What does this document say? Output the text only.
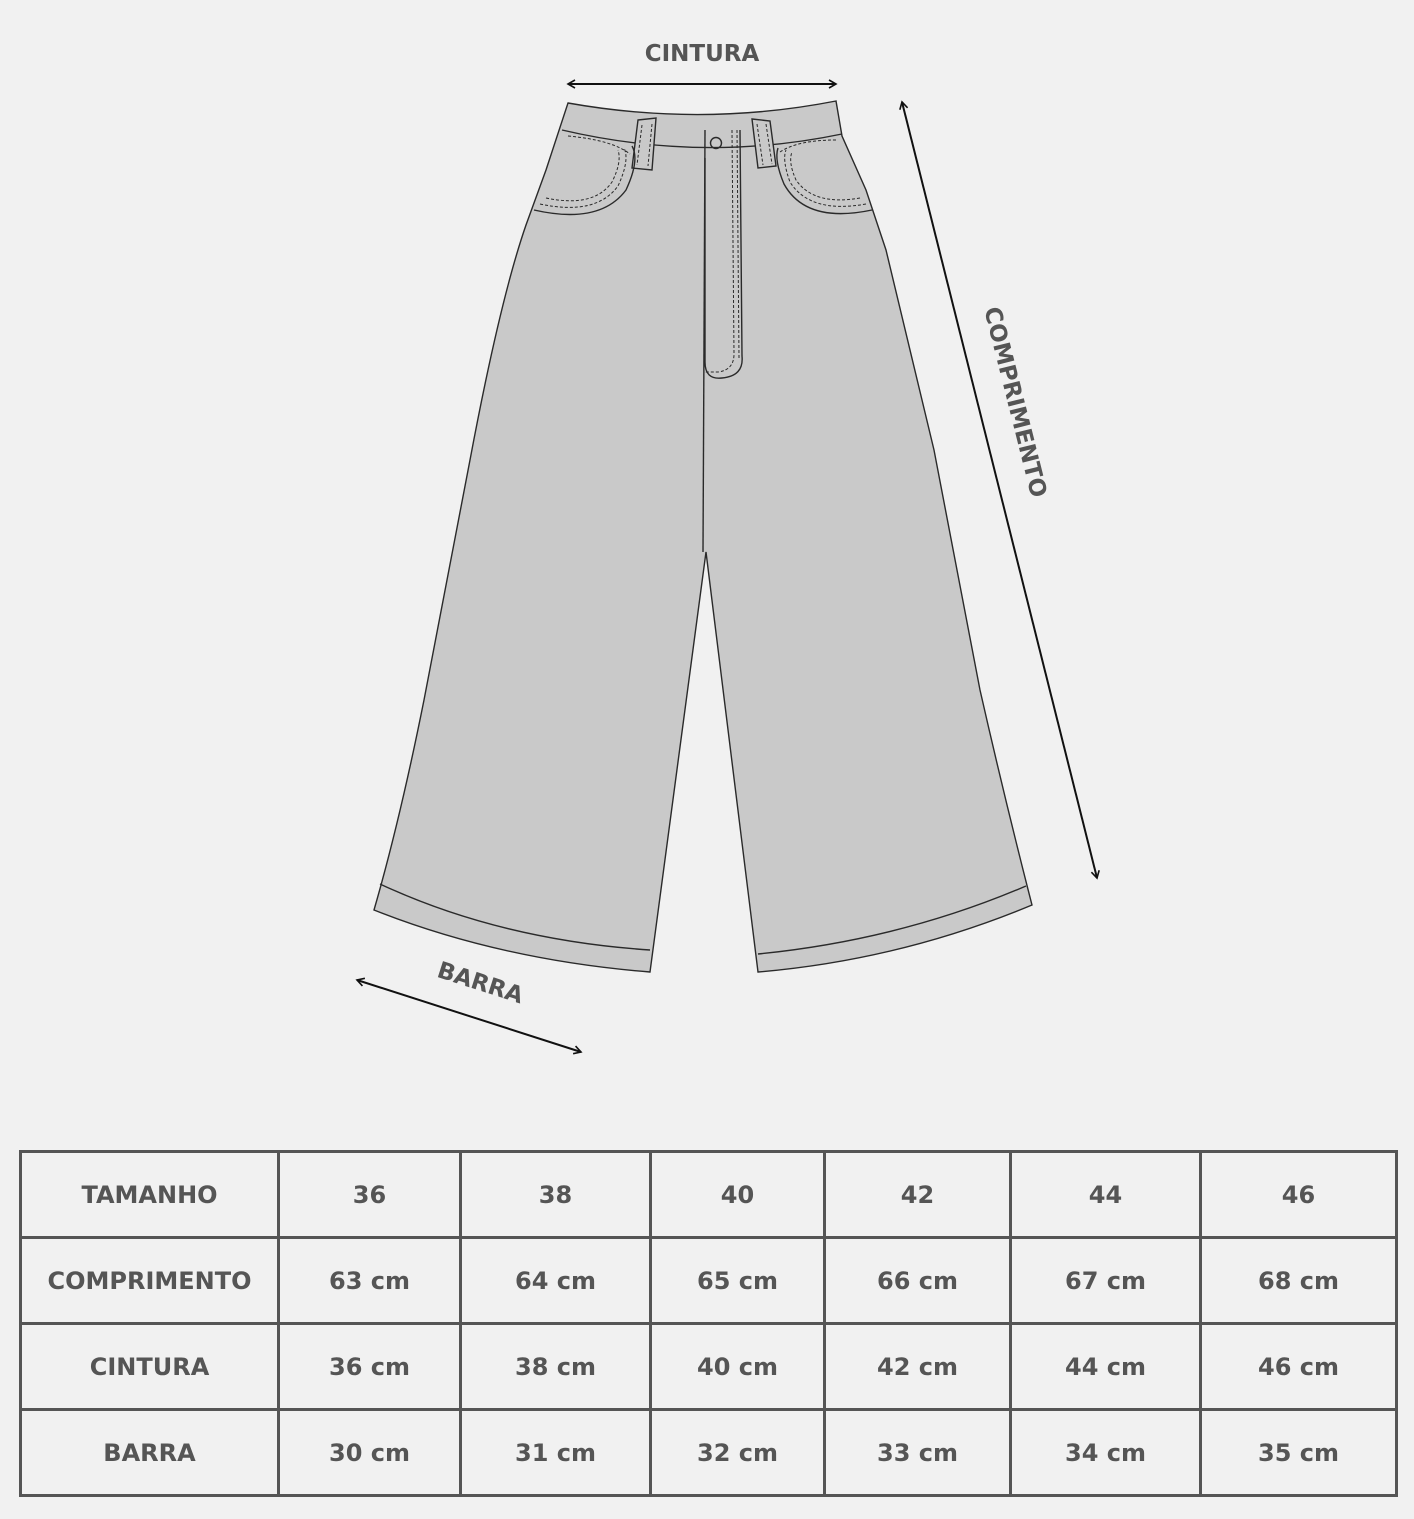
CINTURA
COMPRIMENTO
BARRA
TAMANHO	36	38	40	42	44	46
COMPRIMENTO	63 cm	64 cm	65 cm	66 cm	67 cm	68 cm
CINTURA	36 cm	38 cm	40 cm	42 cm	44 cm	46 cm
BARRA	30 cm	31 cm	32 cm	33 cm	34 cm	35 cm
